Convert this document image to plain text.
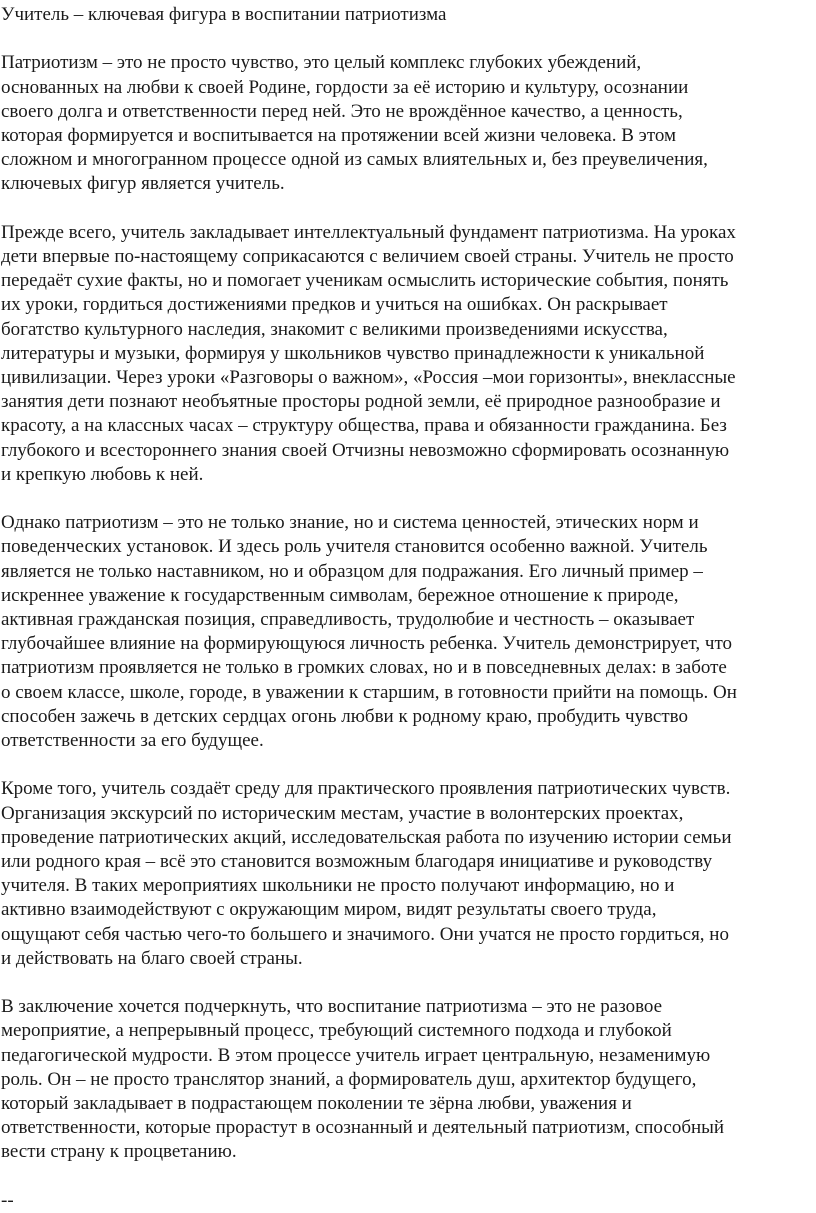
Учитель – ключевая фигура в воспитании патриотизма

Патриотизм – это не просто чувство, это целый комплекс глубоких убеждений,
основанных на любви к своей Родине, гордости за её историю и культуру, осознании
своего долга и ответственности перед ней. Это не врождённое качество, а ценность,
которая формируется и воспитывается на протяжении всей жизни человека. В этом
сложном и многогранном процессе одной из самых влиятельных и, без преувеличения,
ключевых фигур является учитель.

Прежде всего, учитель закладывает интеллектуальный фундамент патриотизма. На уроках
дети впервые по-настоящему соприкасаются с величием своей страны. Учитель не просто
передаёт сухие факты, но и помогает ученикам осмыслить исторические события, понять
их уроки, гордиться достижениями предков и учиться на ошибках. Он раскрывает
богатство культурного наследия, знакомит с великими произведениями искусства,
литературы и музыки, формируя у школьников чувство принадлежности к уникальной
цивилизации. Через уроки «Разговоры о важном», «Россия –мои горизонты», внеклассные
занятия дети познают необъятные просторы родной земли, её природное разнообразие и
красоту, а на классных часах – структуру общества, права и обязанности гражданина. Без
глубокого и всестороннего знания своей Отчизны невозможно сформировать осознанную
и крепкую любовь к ней.

Однако патриотизм – это не только знание, но и система ценностей, этических норм и
поведенческих установок. И здесь роль учителя становится особенно важной. Учитель
является не только наставником, но и образцом для подражания. Его личный пример –
искреннее уважение к государственным символам, бережное отношение к природе,
активная гражданская позиция, справедливость, трудолюбие и честность – оказывает
глубочайшее влияние на формирующуюся личность ребенка. Учитель демонстрирует, что
патриотизм проявляется не только в громких словах, но и в повседневных делах: в заботе
о своем классе, школе, городе, в уважении к старшим, в готовности прийти на помощь. Он
способен зажечь в детских сердцах огонь любви к родному краю, пробудить чувство
ответственности за его будущее.

Кроме того, учитель создаёт среду для практического проявления патриотических чувств.
Организация экскурсий по историческим местам, участие в волонтерских проектах,
проведение патриотических акций, исследовательская работа по изучению истории семьи
или родного края – всё это становится возможным благодаря инициативе и руководству
учителя. В таких мероприятиях школьники не просто получают информацию, но и
активно взаимодействуют с окружающим миром, видят результаты своего труда,
ощущают себя частью чего-то большего и значимого. Они учатся не просто гордиться, но
и действовать на благо своей страны.

В заключение хочется подчеркнуть, что воспитание патриотизма – это не разовое
мероприятие, а непрерывный процесс, требующий системного подхода и глубокой
педагогической мудрости. В этом процессе учитель играет центральную, незаменимую
роль. Он – не просто транслятор знаний, а формирователь душ, архитектор будущего,
который закладывает в подрастающем поколении те зёрна любви, уважения и
ответственности, которые прорастут в осознанный и деятельный патриотизм, способный
вести страну к процветанию.

--
